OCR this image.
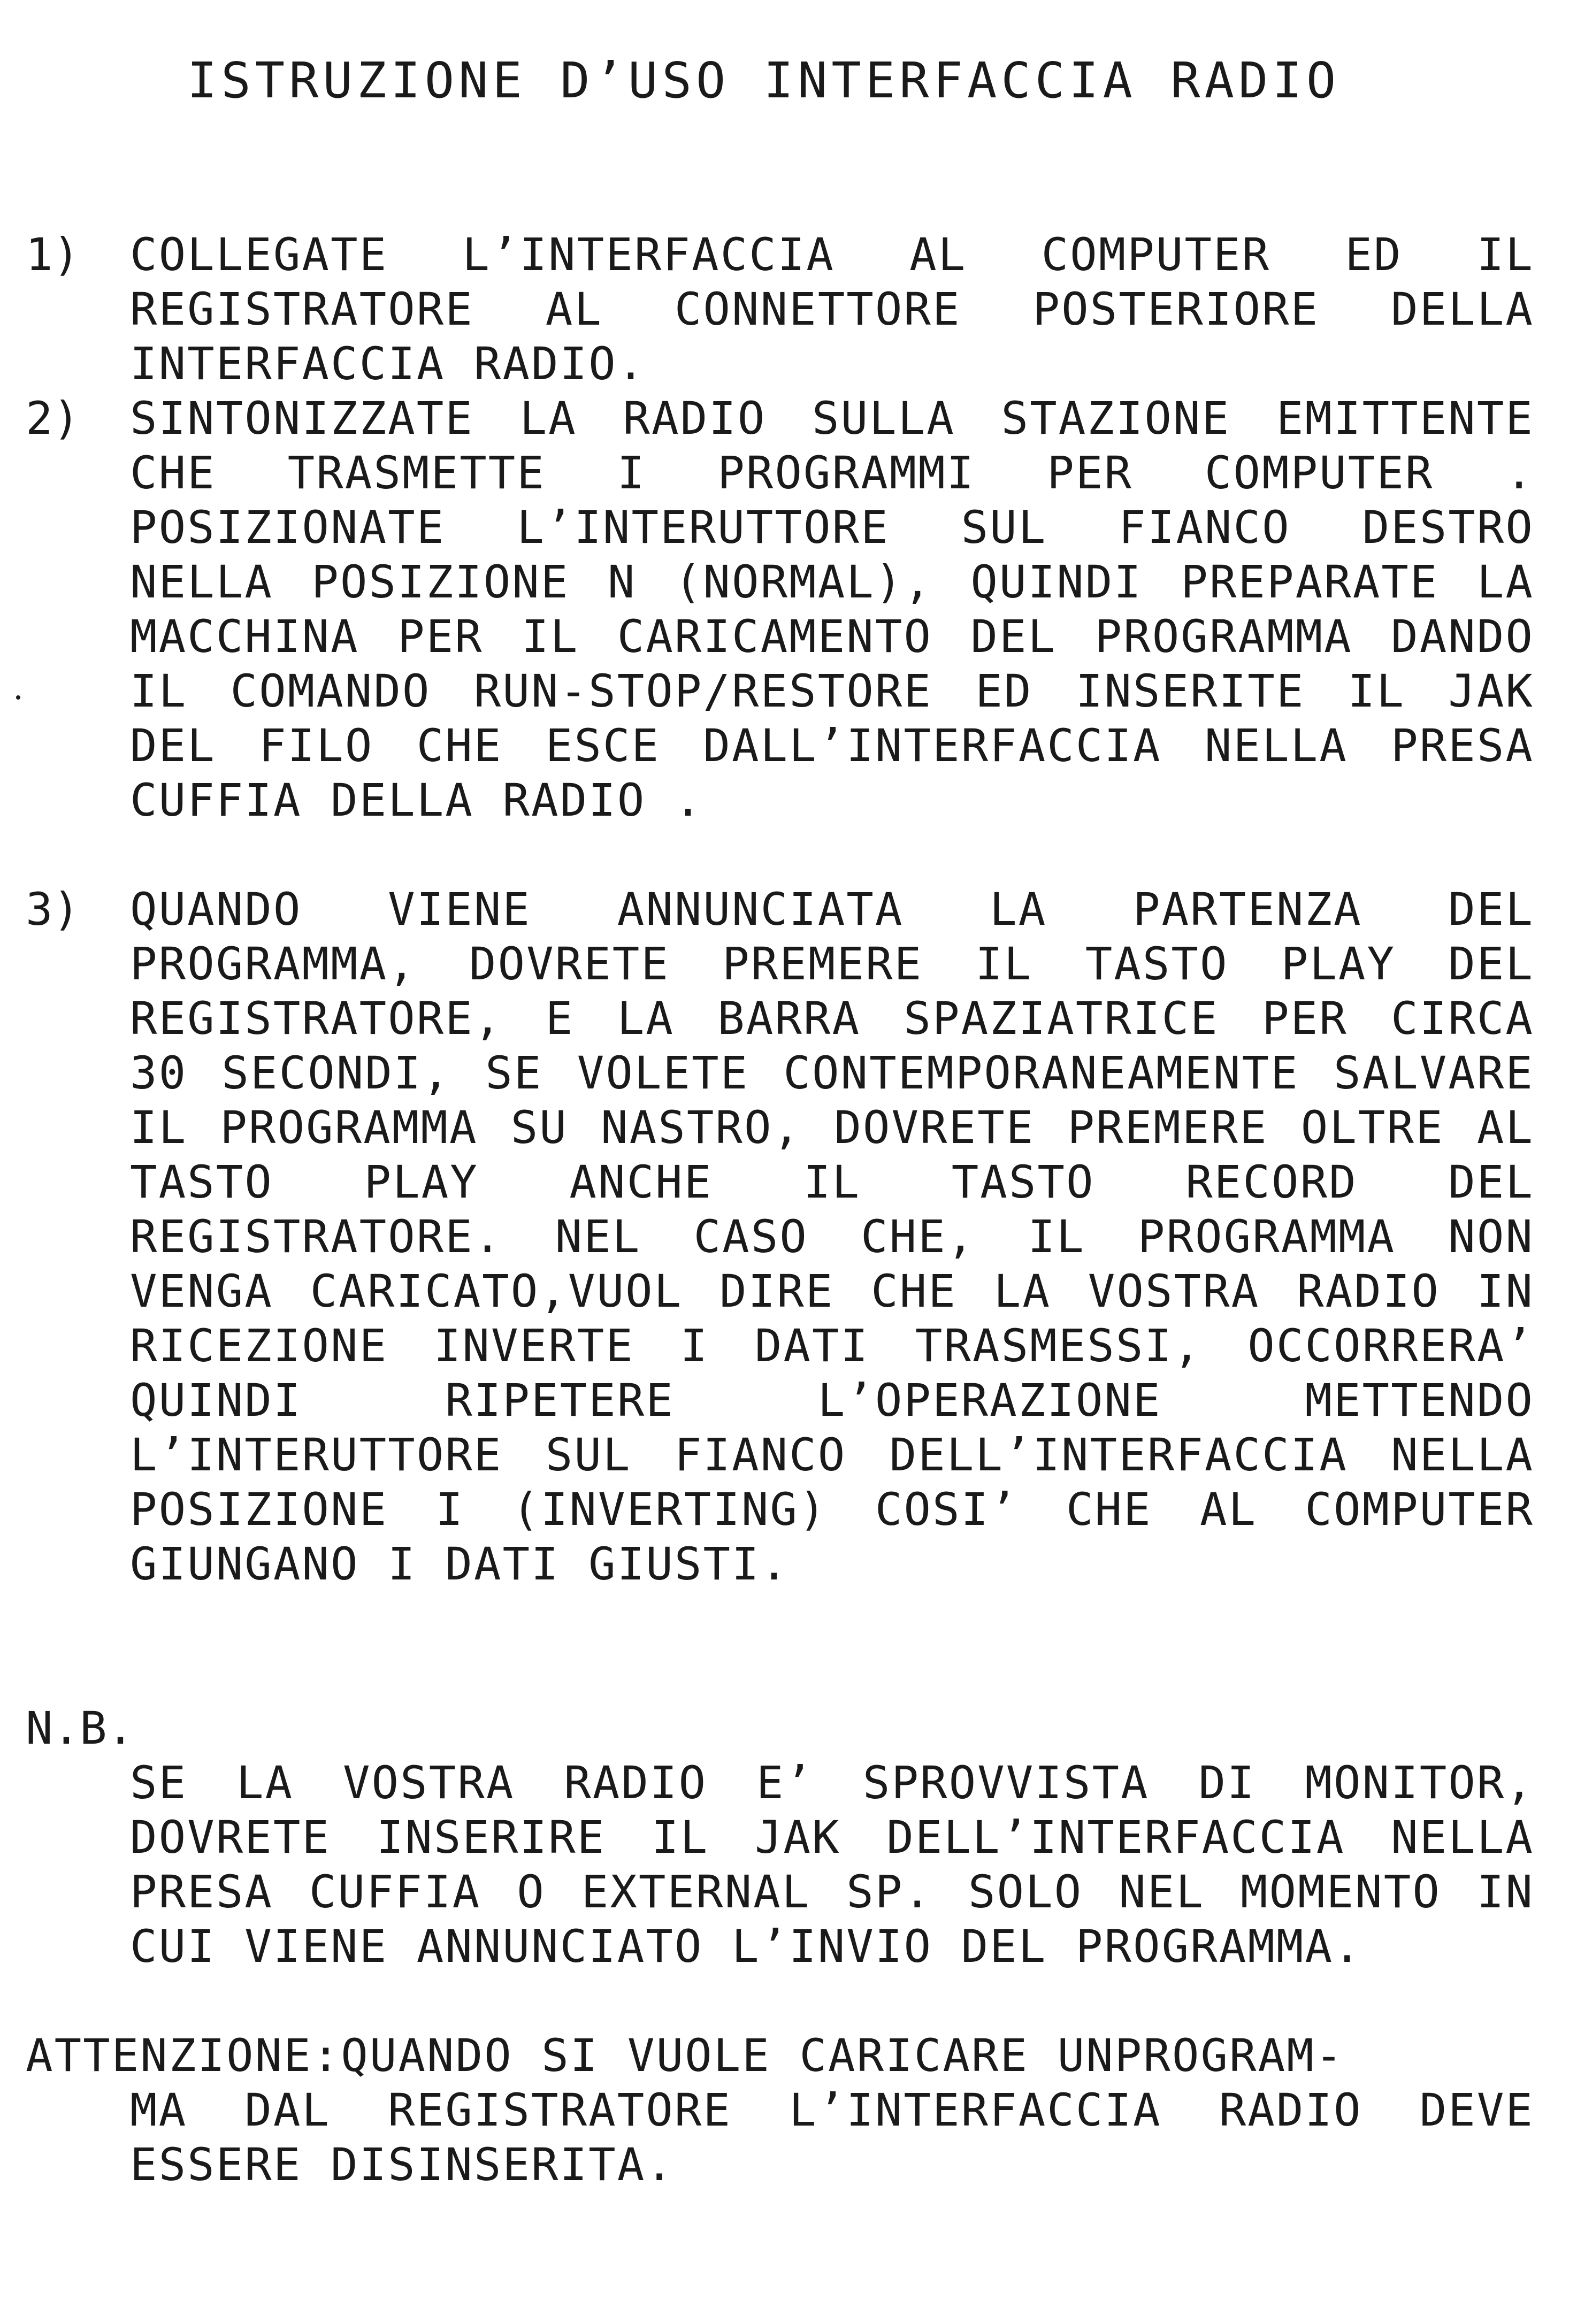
ISTRUZIONE D’USO INTERFACCIA RADIO
1) COLLEGATE L’INTERFACCIA AL COMPUTER ED IL REGISTRATORE AL CONNETTORE POSTERIORE DELLA INTERFACCIA RADIO.
2) SINTONIZZATE LA RADIO SULLA STAZIONE EMITTENTE CHE TRASMETTE I PROGRAMMI PER COMPUTER . POSIZIONATE L’INTERUTTORE SUL FIANCO DESTRO NELLA POSIZIONE N (NORMAL), QUINDI PREPARATE LA MACCHINA PER IL CARICAMENTO DEL PROGRAMMA DANDO IL COMANDO RUN-STOP/RESTORE ED INSERITE IL JAK DEL FILO CHE ESCE DALL’INTERFACCIA NELLA PRESA CUFFIA DELLA RADIO .
3) QUANDO VIENE ANNUNCIATA LA PARTENZA DEL PROGRAMMA, DOVRETE PREMERE IL TASTO PLAY DEL REGISTRATORE, E LA BARRA SPAZIATRICE PER CIRCA 30 SECONDI, SE VOLETE CONTEMPORANEAMENTE SALVARE IL PROGRAMMA SU NASTRO, DOVRETE PREMERE OLTRE AL TASTO PLAY ANCHE IL TASTO RECORD DEL REGISTRATORE. NEL CASO CHE, IL PROGRAMMA NON VENGA CARICATO,VUOL DIRE CHE LA VOSTRA RADIO IN RICEZIONE INVERTE I DATI TRASMESSI, OCCORRERA’ QUINDI RIPETERE L’OPERAZIONE METTENDO L’INTERUTTORE SUL FIANCO DELL’INTERFACCIA NELLA POSIZIONE I (INVERTING) COSI’ CHE AL COMPUTER GIUNGANO I DATI GIUSTI.
N.B.
SE LA VOSTRA RADIO E’ SPROVVISTA DI MONITOR, DOVRETE INSERIRE IL JAK DELL’INTERFACCIA NELLA PRESA CUFFIA O EXTERNAL SP. SOLO NEL MOMENTO IN CUI VIENE ANNUNCIATO L’INVIO DEL PROGRAMMA.
ATTENZIONE:QUANDO SI VUOLE CARICARE UNPROGRAM-
MA DAL REGISTRATORE L’INTERFACCIA RADIO DEVE ESSERE DISINSERITA.
